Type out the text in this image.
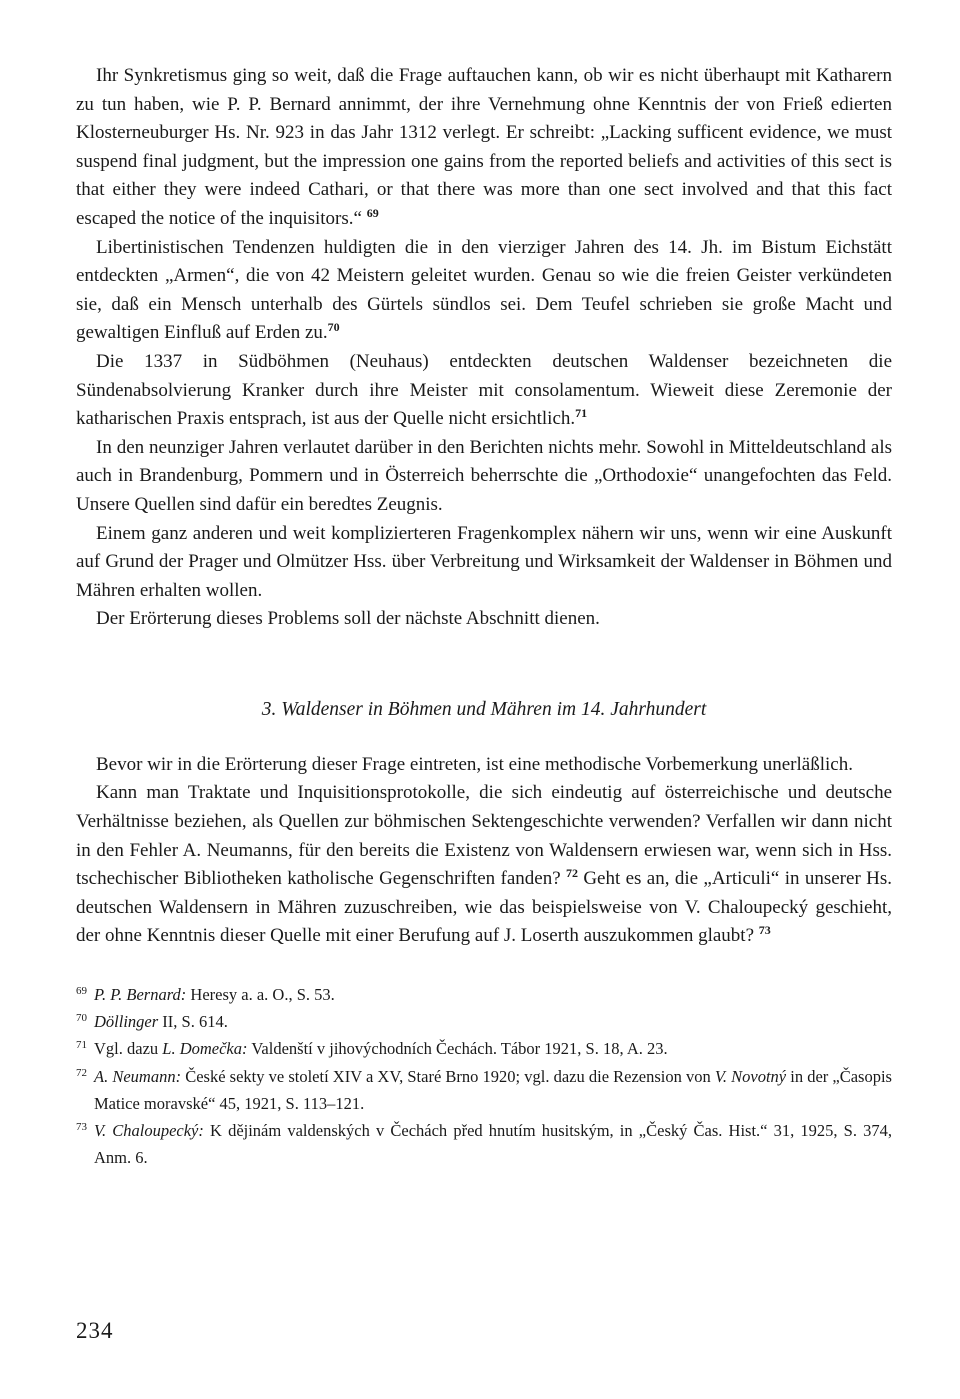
Ihr Synkretismus ging so weit, daß die Frage auftauchen kann, ob wir es nicht überhaupt mit Katharern zu tun haben, wie P. P. Bernard annimmt, der ihre Vernehmung ohne Kenntnis der von Frieß edierten Klosterneuburger Hs. Nr. 923 in das Jahr 1312 verlegt. Er schreibt: „Lacking sufficent evidence, we must suspend final judgment, but the impression one gains from the reported beliefs and activities of this sect is that either they were indeed Cathari, or that there was more than one sect involved and that this fact escaped the notice of the inquisitors.“ $^{69}$

Libertinistischen Tendenzen huldigten die in den vierziger Jahren des 14. Jh. im Bistum Eichstätt entdeckten „Armen“, die von 42 Meistern geleitet wurden. Genau so wie die freien Geister verkündeten sie, daß ein Mensch unterhalb des Gürtels sündlos sei. Dem Teufel schrieben sie große Macht und gewaltigen Einfluß auf Erden zu.$^{70}$

Die 1337 in Südböhmen (Neuhaus) entdeckten deutschen Waldenser bezeichneten die Sündenabsolvierung Kranker durch ihre Meister mit consolamentum. Wieweit diese Zeremonie der katharischen Praxis entsprach, ist aus der Quelle nicht ersichtlich.$^{71}$

In den neunziger Jahren verlautet darüber in den Berichten nichts mehr. Sowohl in Mitteldeutschland als auch in Brandenburg, Pommern und in Österreich beherrschte die „Orthodoxie“ unangefochten das Feld. Unsere Quellen sind dafür ein beredtes Zeugnis.

Einem ganz anderen und weit komplizierteren Fragenkomplex nähern wir uns, wenn wir eine Auskunft auf Grund der Prager und Olmützer Hss. über Verbreitung und Wirksamkeit der Waldenser in Böhmen und Mähren erhalten wollen.

Der Erörterung dieses Problems soll der nächste Abschnitt dienen.

3. Waldenser in Böhmen und Mähren im 14. Jahrhundert

Bevor wir in die Erörterung dieser Frage eintreten, ist eine methodische Vorbemerkung unerläßlich.

Kann man Traktate und Inquisitionsprotokolle, die sich eindeutig auf österreichische und deutsche Verhältnisse beziehen, als Quellen zur böhmischen Sektengeschichte verwenden? Verfallen wir dann nicht in den Fehler A. Neumanns, für den bereits die Existenz von Waldensern erwiesen war, wenn sich in Hss. tschechischer Bibliotheken katholische Gegenschriften fanden? $^{72}$ Geht es an, die „Articuli“ in unserer Hs. deutschen Waldensern in Mähren zuzuschreiben, wie das beispielsweise von V. Chaloupecký geschieht, der ohne Kenntnis dieser Quelle mit einer Berufung auf J. Loserth auszukommen glaubt? $^{73}$

69 P. P. Bernard: Heresy a. a. O., S. 53.

70 Döllinger II, S. 614.

71 Vgl. dazu L. Domečka: Valdenští v jihovýchodních Čechách. Tábor 1921, S. 18, A. 23.

72 A. Neumann: České sekty ve století XIV a XV, Staré Brno 1920; vgl. dazu die Rezension von V. Novotný in der „Časopis Matice moravské“ 45, 1921, S. 113–121.

73 V. Chaloupecký: K dějinám valdenských v Čechách před hnutím husitským, in „Český Čas. Hist.“ 31, 1925, S. 374, Anm. 6.

234
